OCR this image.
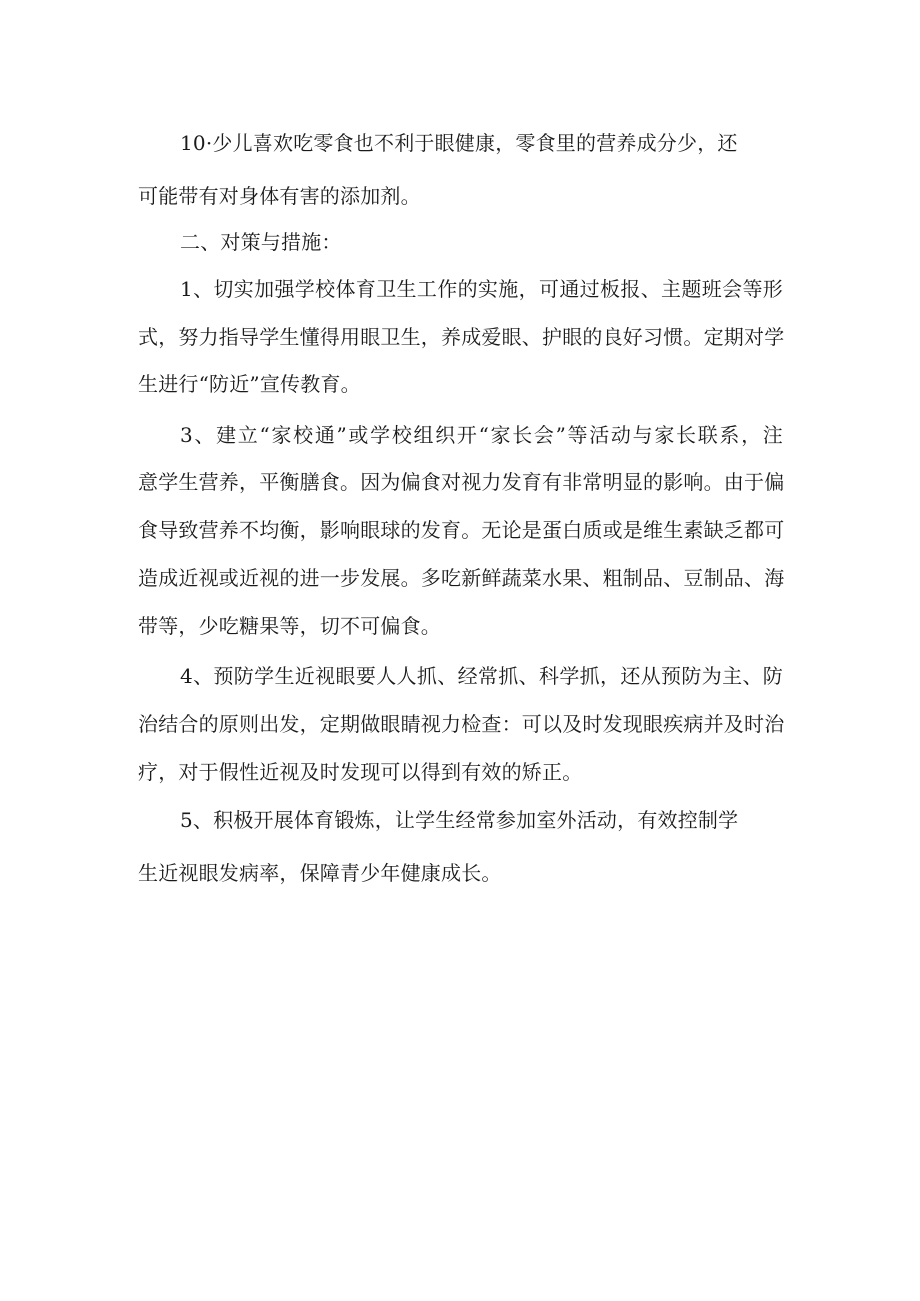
10·少儿喜欢吃零食也不利于眼健康，零食里的营养成分少，还
可能带有对身体有害的添加剂。
二、对策与措施：
1、切实加强学校体育卫生工作的实施，可通过板报、主题班会等形
式，努力指导学生懂得用眼卫生，养成爱眼、护眼的良好习惯。定期对学
生进行“防近”宣传教育。
3、建立“家校通”或学校组织开“家长会”等活动与家长联系，注
意学生营养，平衡膳食。因为偏食对视力发育有非常明显的影响。由于偏
食导致营养不均衡，影响眼球的发育。无论是蛋白质或是维生素缺乏都可
造成近视或近视的进一步发展。多吃新鲜蔬菜水果、粗制品、豆制品、海
带等，少吃糖果等，切不可偏食。
4、预防学生近视眼要人人抓、经常抓、科学抓，还从预防为主、防
治结合的原则出发，定期做眼睛视力检查：可以及时发现眼疾病并及时治
疗，对于假性近视及时发现可以得到有效的矫正。
5、积极开展体育锻炼，让学生经常参加室外活动，有效控制学
生近视眼发病率，保障青少年健康成长。
